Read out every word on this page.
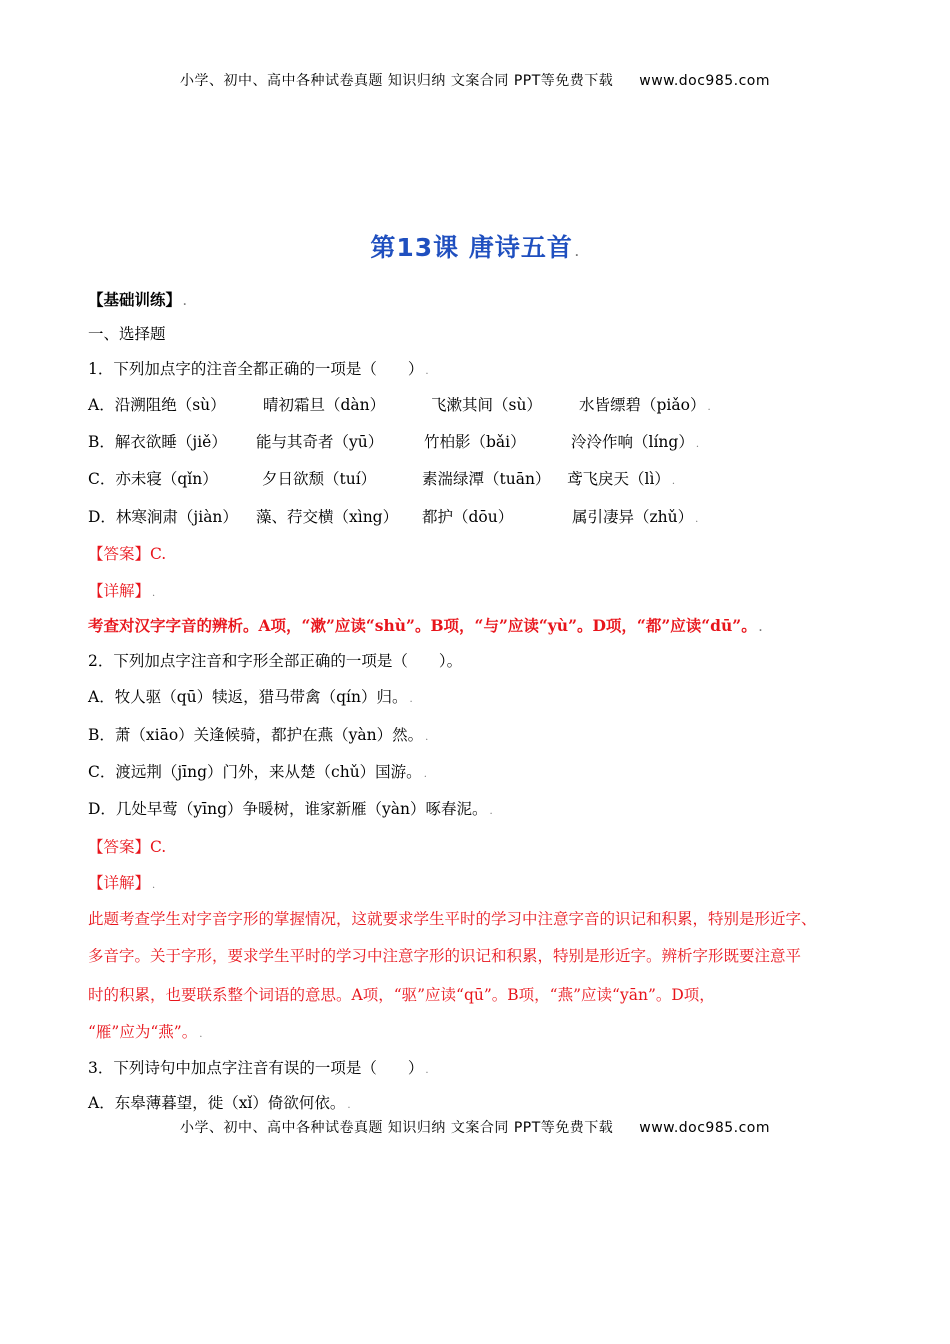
小学、初中、高中各种试卷真题 知识归纳 文案合同 PPT等免费下载 www.doc985.com
第13课 唐诗五首 .
【基础训练】 .
一、选择题
1．下列加点字的注音全都正确的一项是（　　） .
A．沿溯阻绝（sù） 晴初霜旦（dàn）	飞漱其间（sù） 水皆缥碧（piǎo） .
B．解衣欲睡（jiě） 能与其奇者（yū）	竹柏影（bǎi）	泠泠作响（líng） .
C．亦未寝（qǐn）	夕日欲颓（tuí）	素湍绿潭（tuān） 鸢飞戾天（lì） .
D．林寒涧肃（jiàn） 藻、荇交横（xìng） 都护（dōu）	属引凄异（zhǔ） .
【答案】C.
【详解】 .
考查对汉字字音的辨析。A项，“漱”应读“shù”。B项，“与”应读“yù”。D项，“都”应读“dū”。 .
2．下列加点字注音和字形全部正确的一项是（　　）。
A．牧人驱（qū）犊返，猎马带禽（qín）归。 .
B．萧（xiāo）关逢候骑，都护在燕（yàn）然。 .
C．渡远荆（jīng）门外，来从楚（chǔ）国游。 .
D．几处早莺（yīng）争暖树，谁家新雁（yàn）啄春泥。 .
【答案】C.
【详解】 .
此题考查学生对字音字形的掌握情况，这就要求学生平时的学习中注意字音的识记和积累，特别是形近字、
多音字。关于字形，要求学生平时的学习中注意字形的识记和积累，特别是形近字。辨析字形既要注意平
时的积累，也要联系整个词语的意思。A项，“驱”应读“qū”。B项，“燕”应读“yān”。D项，
“雁”应为“燕”。 .
3．下列诗句中加点字注音有误的一项是（　　） .
A．东皋薄暮望，徙（xǐ）倚欲何依。 .
小学、初中、高中各种试卷真题 知识归纳 文案合同 PPT等免费下载 www.doc985.com
